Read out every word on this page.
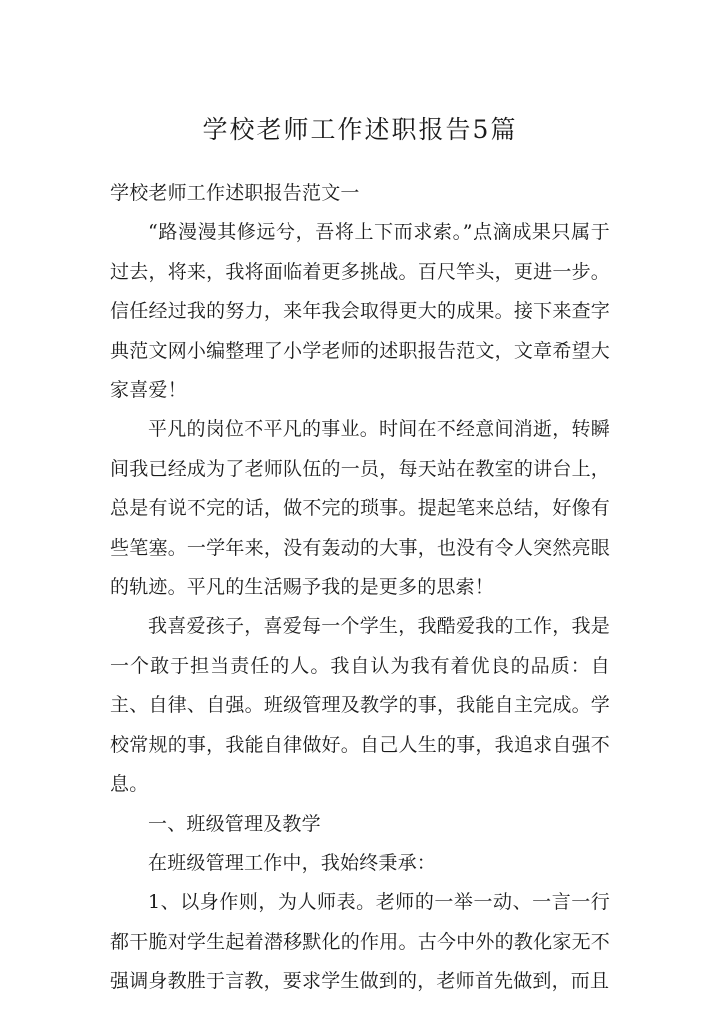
学校老师工作述职报告5篇

学校老师工作述职报告范文一

“路漫漫其修远兮，吾将上下而求索。”点滴成果只属于过去，将来，我将面临着更多挑战。百尺竿头，更进一步。信任经过我的努力，来年我会取得更大的成果。接下来查字典范文网小编整理了小学老师的述职报告范文，文章希望大家喜爱！

平凡的岗位不平凡的事业。时间在不经意间消逝，转瞬间我已经成为了老师队伍的一员，每天站在教室的讲台上，总是有说不完的话，做不完的琐事。提起笔来总结，好像有些笔塞。一学年来，没有轰动的大事，也没有令人突然亮眼的轨迹。平凡的生活赐予我的是更多的思索！

我喜爱孩子，喜爱每一个学生，我酷爱我的工作，我是一个敢于担当责任的人。我自认为我有着优良的品质：自主、自律、自强。班级管理及教学的事，我能自主完成。学校常规的事，我能自律做好。自己人生的事，我追求自强不息。

一、班级管理及教学

在班级管理工作中，我始终秉承：

1、以身作则，为人师表。老师的一举一动、一言一行都干脆对学生起着潜移默化的作用。古今中外的教化家无不强调身教胜于言教，要求学生做到的，老师首先做到，而且
